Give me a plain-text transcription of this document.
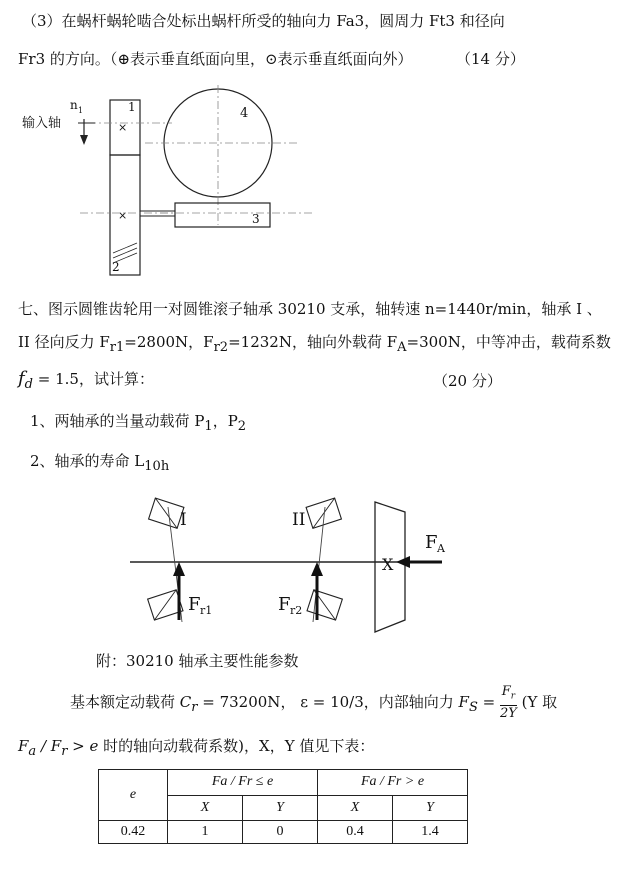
（3）在蜗杆蜗轮啮合处标出蜗杆所受的轴向力 Fa3，圆周力 Ft3 和径向
Fr3 的方向。（⊕表示垂直纸面向里，⊙表示垂直纸面向外）	（14 分）
4
1
×
×
2
3
输入轴
n 1
七、图示圆锥齿轮用一对圆锥滚子轴承 30210 支承，轴转速 n=1440r/min，轴承 I 、
II 径向反力 $F_{r1}=2800N$，$F_{r2}=1232N$，轴向外载荷 $F_A=300N$，中等冲击，载荷系数
$f_d = 1.5$，试计算：	（20 分）
1、两轴承的当量动载荷 $P_1$，$P_2$
2、轴承的寿命 $L_{10h}$
I	II
F r1	F r2
X
F A
附：30210 轴承主要性能参数
基本额定动载荷 $C_r = 73200N$， ε = 10/3，内部轴向力 $F_S = \frac{F_r}{2Y} (Y$ 取
$F_a / F_r > e$ 时的轴向动载荷系数)，X，Y 值见下表：
e	Fa / Fr ≤ e		Fa / Fr > e	
	X	Y	X	Y
0.42	1	0	0.4	1.4
